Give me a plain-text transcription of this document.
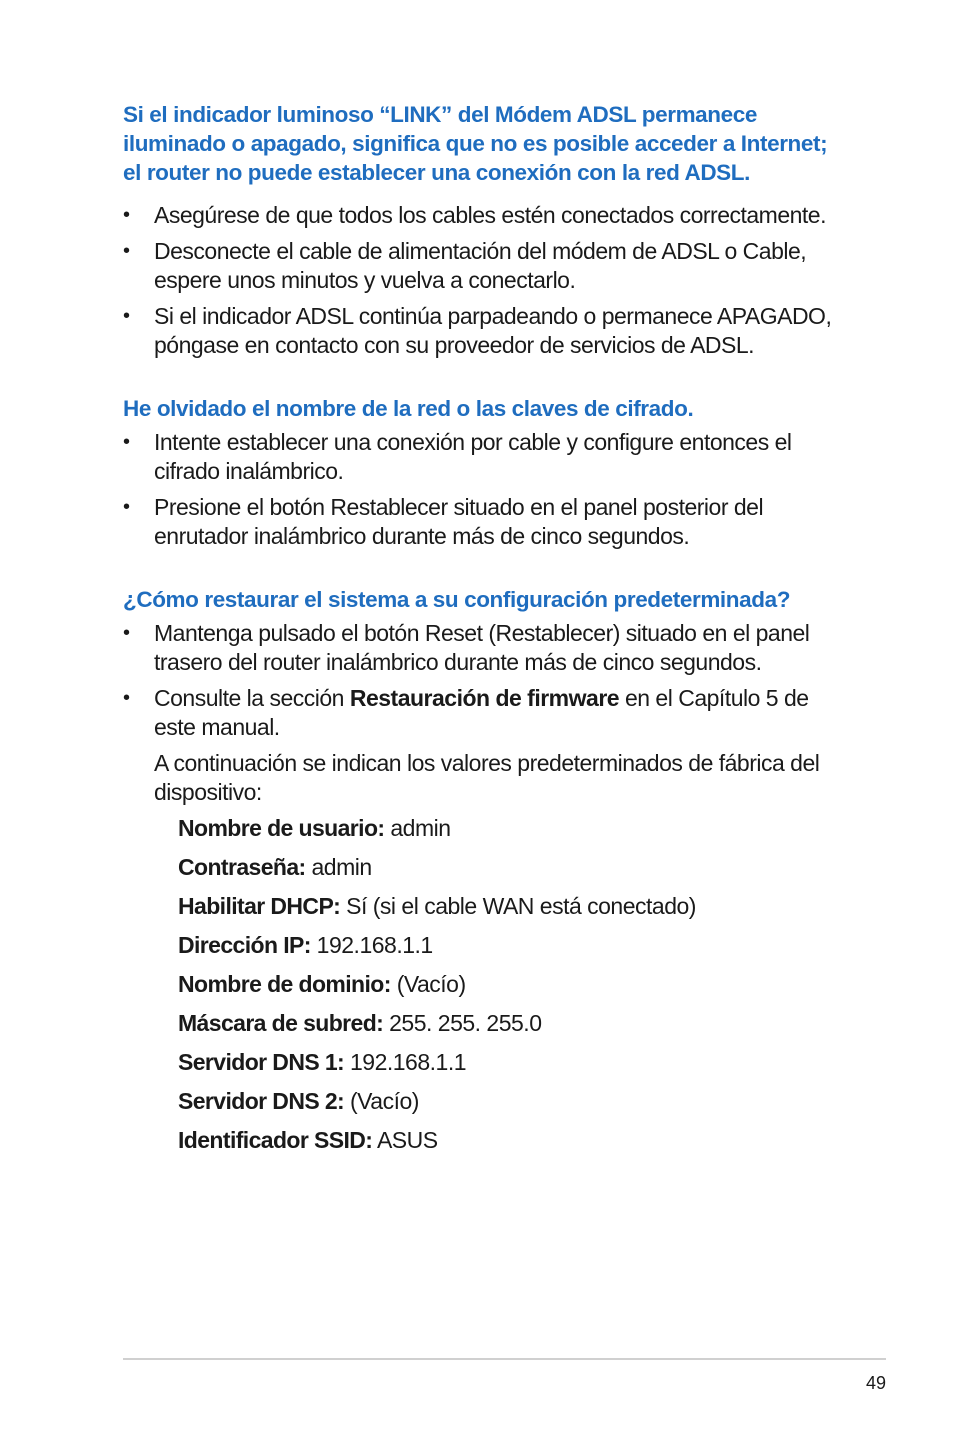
Si el indicador luminoso “LINK” del Módem ADSL permanece iluminado o apagado, significa que no es posible acceder a Internet; el router no puede establecer una conexión con la red ADSL.

• Asegúrese de que todos los cables estén conectados correctamente.
• Desconecte el cable de alimentación del módem de ADSL o Cable, espere unos minutos y vuelva a conectarlo.
• Si el indicador ADSL continúa parpadeando o permanece APAGADO, póngase en contacto con su proveedor de servicios de ADSL.

He olvidado el nombre de la red o las claves de cifrado.

• Intente establecer una conexión por cable y configure entonces el cifrado inalámbrico.
• Presione el botón Restablecer situado en el panel posterior del enrutador inalámbrico durante más de cinco segundos.

¿Cómo restaurar el sistema a su configuración predeterminada?

• Mantenga pulsado el botón Reset (Restablecer) situado en el panel trasero del router inalámbrico durante más de cinco segundos.
• Consulte la sección Restauración de firmware en el Capítulo 5 de este manual.

A continuación se indican los valores predeterminados de fábrica del dispositivo:

Nombre de usuario: admin

Contraseña: admin

Habilitar DHCP: Sí (si el cable WAN está conectado)

Dirección IP: 192.168.1.1

Nombre de dominio: (Vacío)

Máscara de subred: 255. 255. 255.0

Servidor DNS 1: 192.168.1.1

Servidor DNS 2: (Vacío)

Identificador SSID: ASUS

49
